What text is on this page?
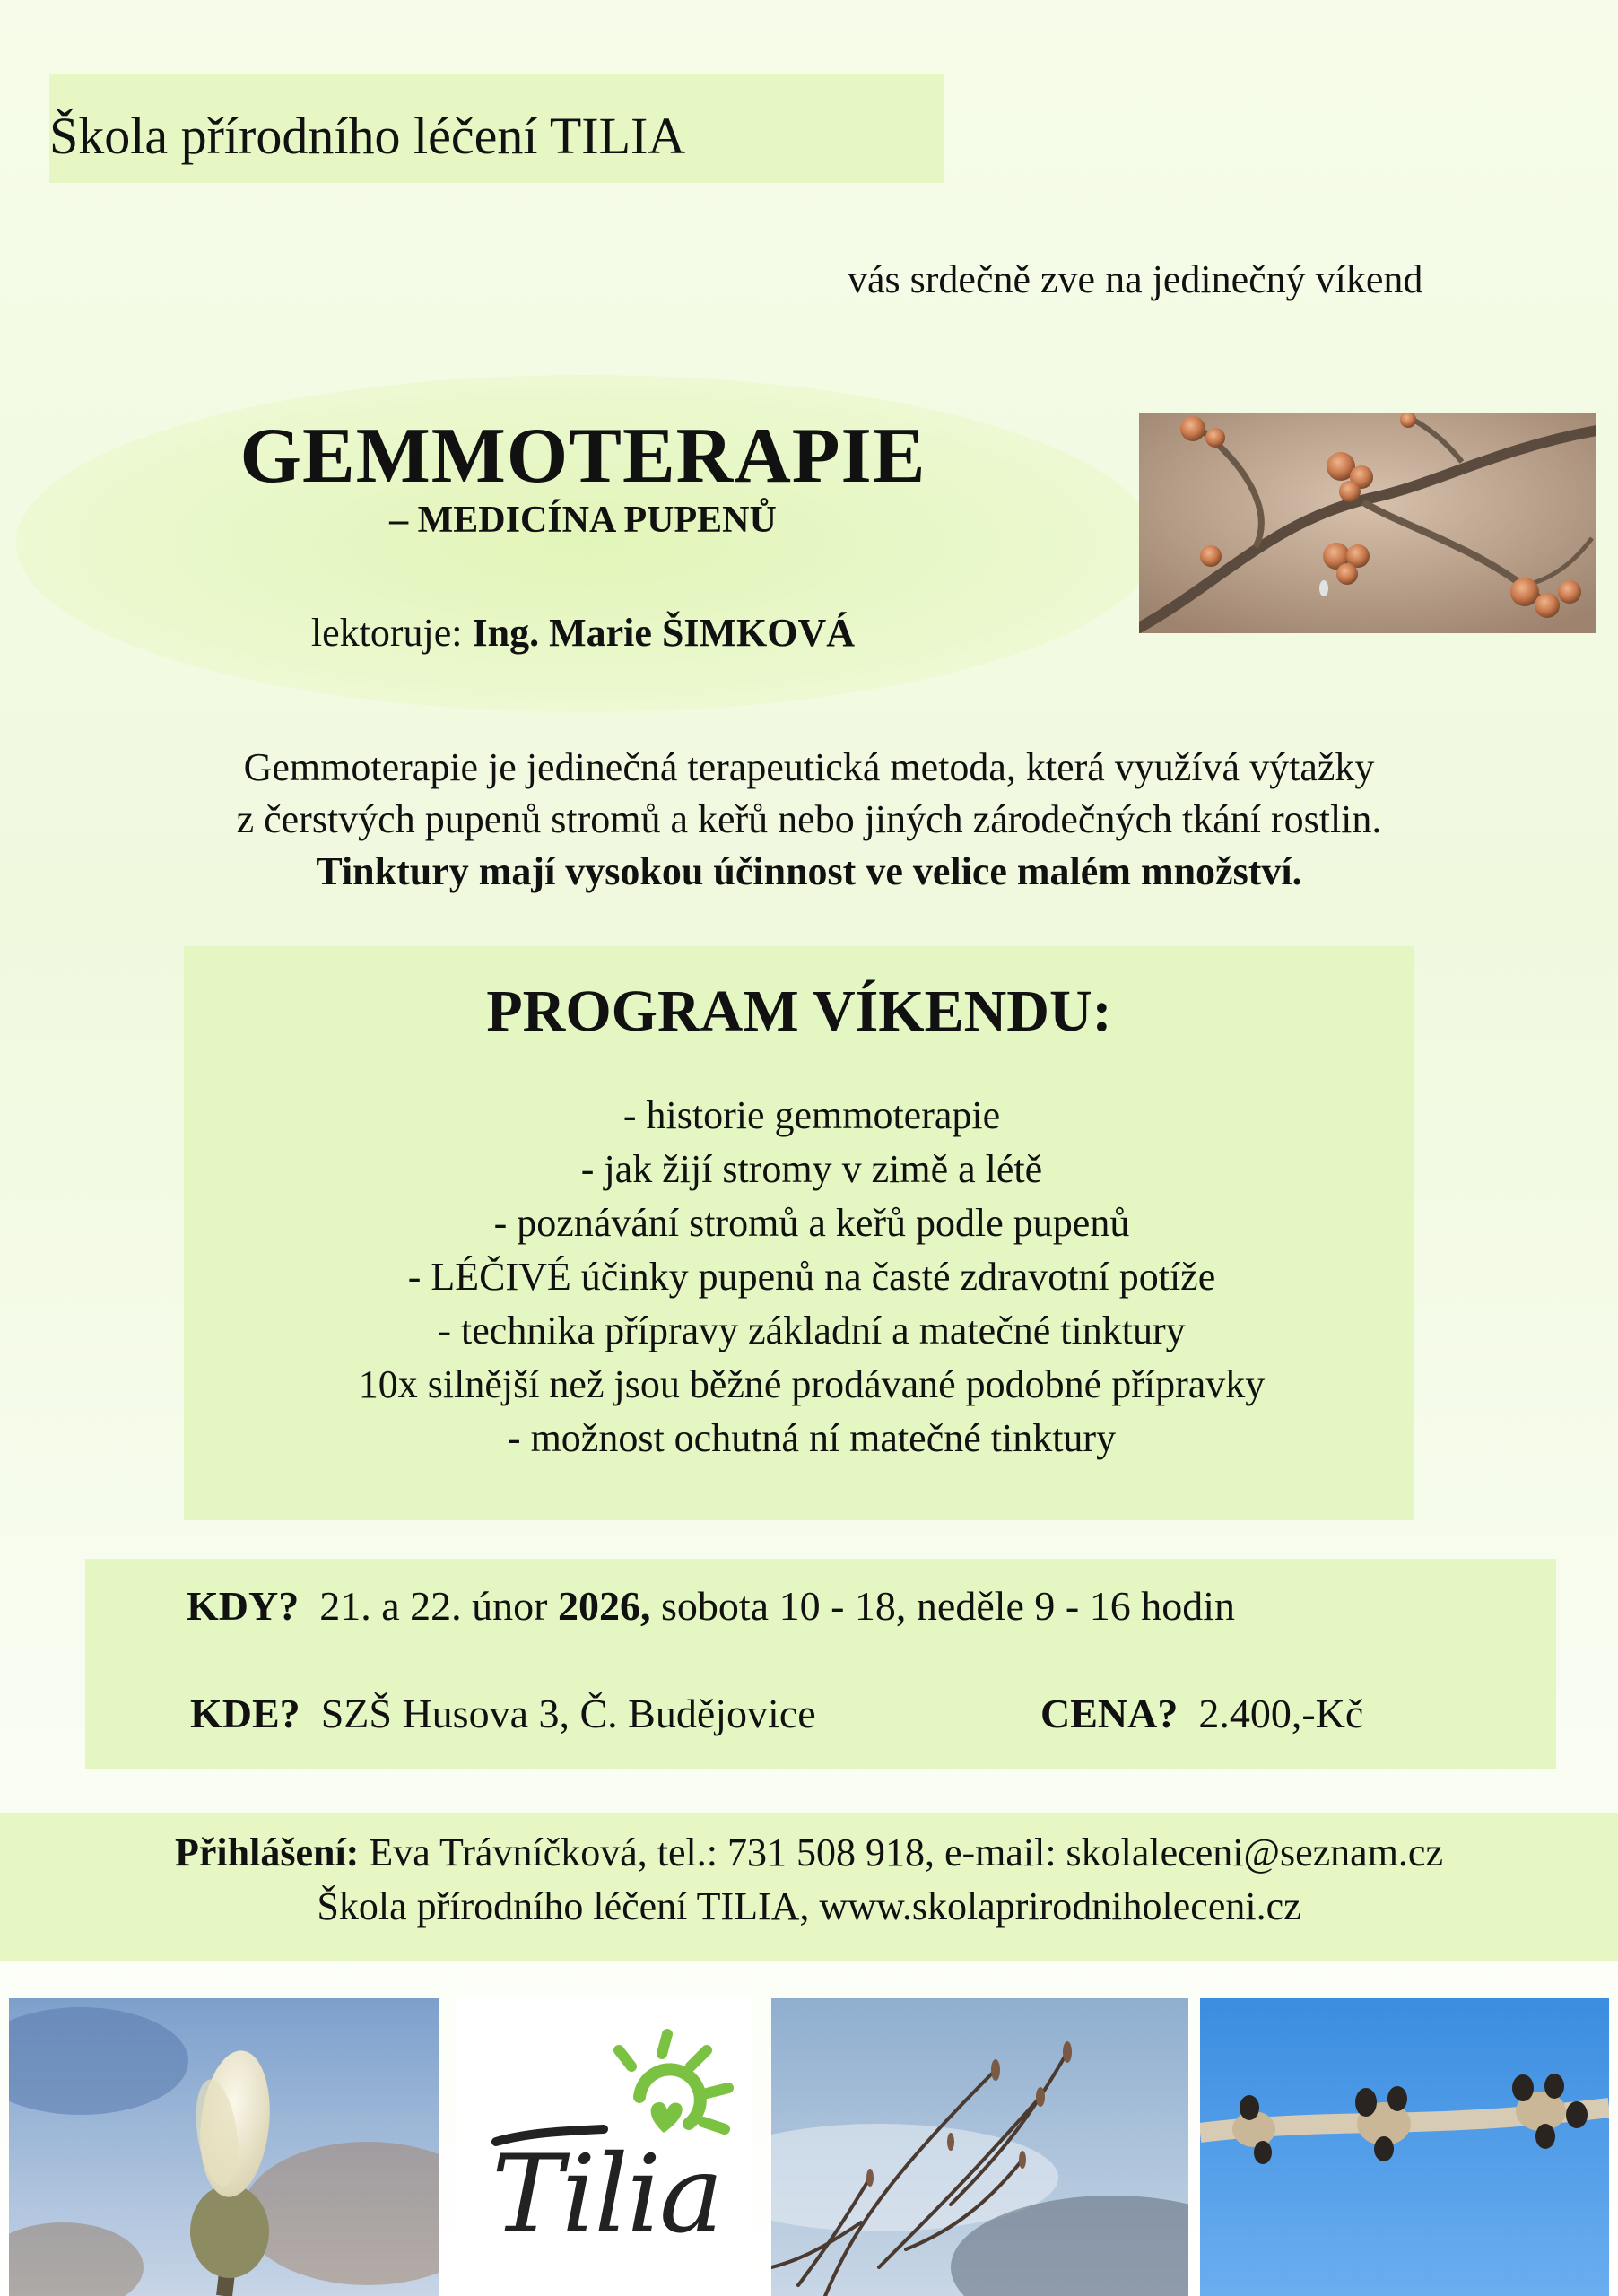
Škola přírodního léčení TILIA
vás srdečně zve na jedinečný víkend
GEMMOTERAPIE
– MEDICÍNA PUPENŮ
lektoruje: Ing. Marie ŠIMKOVÁ
Gemmoterapie je jedinečná terapeutická metoda, která využívá výtažky
z čerstvých pupenů stromů a keřů nebo jiných zárodečných tkání rostlin.
Tinktury mají vysokou účinnost ve velice malém množství.
PROGRAM VÍKENDU:
- historie gemmoterapie
- jak žijí stromy v zimě a létě
- poznávání stromů a keřů podle pupenů
- LÉČIVÉ účinky pupenů na časté zdravotní potíže
- technika přípravy základní a matečné tinktury
10x silnější než jsou běžné prodávané podobné přípravky
- možnost ochutná ní matečné tinktury
KDY? 21. a 22. únor 2026, sobota 10 - 18, neděle 9 - 16 hodin
KDE? SZŠ Husova 3, Č. Budějovice	CENA? 2.400,-Kč
Přihlášení: Eva Trávníčková, tel.: 731 508 918, e-mail: skolaleceni@seznam.cz
Škola přírodního léčení TILIA, www.skolaprirodniholeceni.cz
Tilia
